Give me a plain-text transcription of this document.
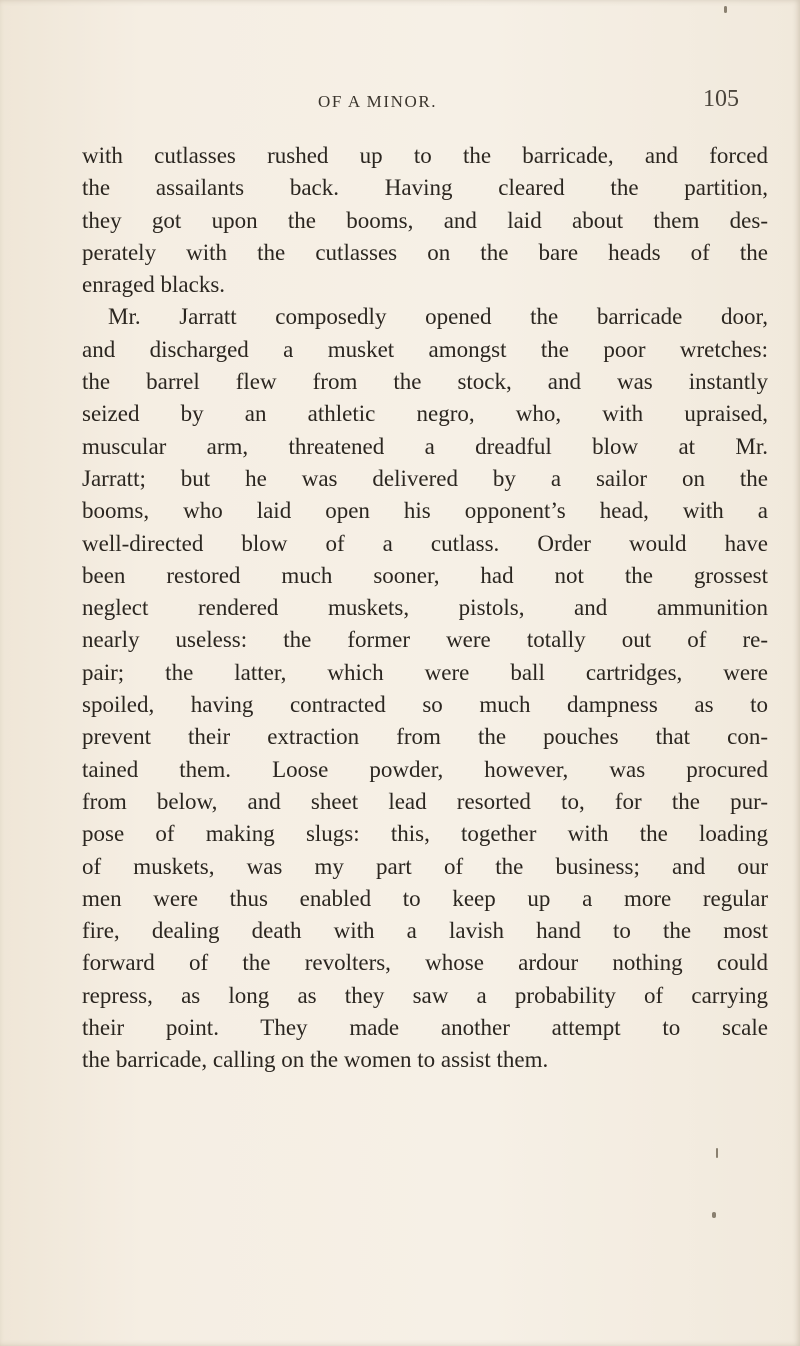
OF A MINOR.	105
with cutlasses rushed up to the barricade, and forced
the assailants back. Having cleared the partition,
they got upon the booms, and laid about them des-
perately with the cutlasses on the bare heads of the
enraged blacks.
Mr. Jarratt composedly opened the barricade door,
and discharged a musket amongst the poor wretches:
the barrel flew from the stock, and was instantly
seized by an athletic negro, who, with upraised,
muscular arm, threatened a dreadful blow at Mr.
Jarratt; but he was delivered by a sailor on the
booms, who laid open his opponent’s head, with a
well-directed blow of a cutlass. Order would have
been restored much sooner, had not the grossest
neglect rendered muskets, pistols, and ammunition
nearly useless: the former were totally out of re-
pair; the latter, which were ball cartridges, were
spoiled, having contracted so much dampness as to
prevent their extraction from the pouches that con-
tained them. Loose powder, however, was procured
from below, and sheet lead resorted to, for the pur-
pose of making slugs: this, together with the loading
of muskets, was my part of the business; and our
men were thus enabled to keep up a more regular
fire, dealing death with a lavish hand to the most
forward of the revolters, whose ardour nothing could
repress, as long as they saw a probability of carrying
their point. They made another attempt to scale
the barricade, calling on the women to assist them.
